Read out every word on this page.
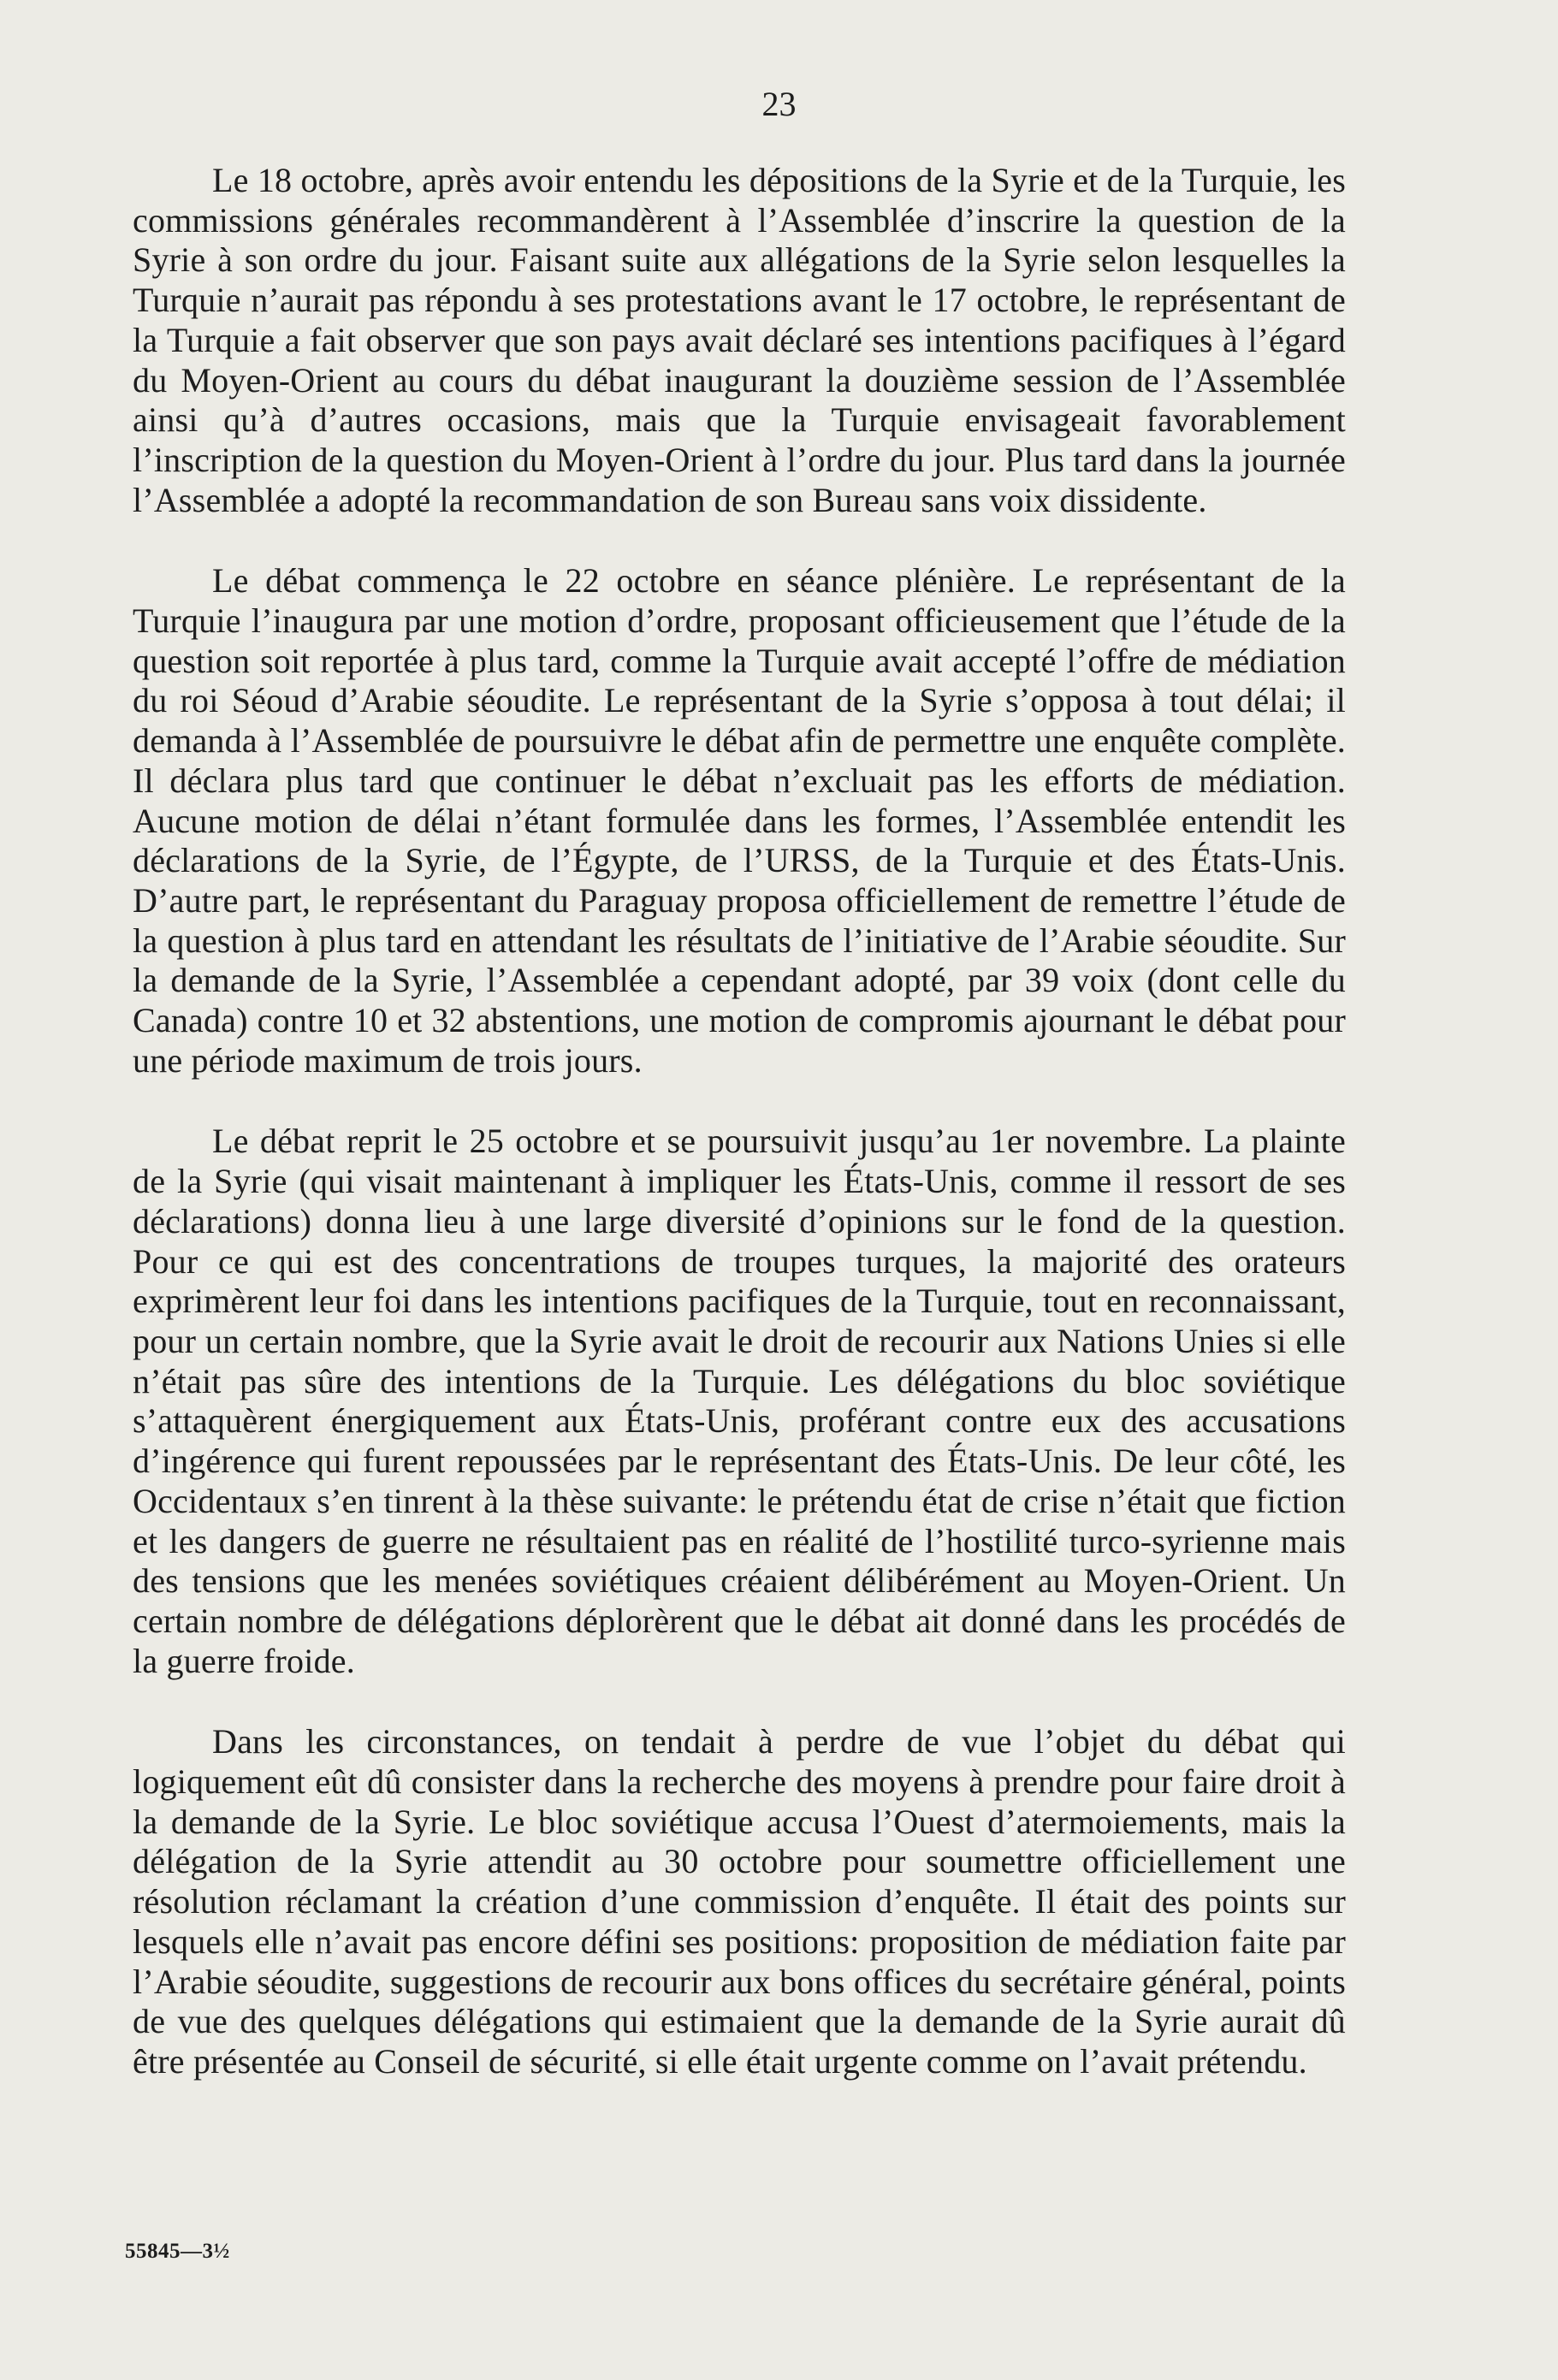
23

Le 18 octobre, après avoir entendu les dépositions de la Syrie et de la Turquie, les commissions générales recommandèrent à l’Assemblée d’inscrire la question de la Syrie à son ordre du jour. Faisant suite aux allégations de la Syrie selon lesquelles la Turquie n’aurait pas répondu à ses protestations avant le 17 octobre, le représentant de la Turquie a fait observer que son pays avait déclaré ses intentions pacifiques à l’égard du Moyen-Orient au cours du débat inaugurant la douzième session de l’Assemblée ainsi qu’à d’autres occasions, mais que la Turquie envisageait favorablement l’inscription de la question du Moyen-Orient à l’ordre du jour. Plus tard dans la journée l’Assemblée a adopté la recommandation de son Bureau sans voix dissidente.

Le débat commença le 22 octobre en séance plénière. Le représentant de la Turquie l’inaugura par une motion d’ordre, proposant officieusement que l’étude de la question soit reportée à plus tard, comme la Turquie avait accepté l’offre de médiation du roi Séoud d’Arabie séoudite. Le représentant de la Syrie s’opposa à tout délai; il demanda à l’Assemblée de poursuivre le débat afin de permettre une enquête complète. Il déclara plus tard que continuer le débat n’excluait pas les efforts de médiation. Aucune motion de délai n’étant formulée dans les formes, l’Assemblée entendit les déclarations de la Syrie, de l’Égypte, de l’URSS, de la Turquie et des États-Unis. D’autre part, le représentant du Paraguay proposa officiellement de remettre l’étude de la question à plus tard en attendant les résultats de l’initiative de l’Arabie séoudite. Sur la demande de la Syrie, l’Assemblée a cependant adopté, par 39 voix (dont celle du Canada) contre 10 et 32 abstentions, une motion de compromis ajournant le débat pour une période maximum de trois jours.

Le débat reprit le 25 octobre et se poursuivit jusqu’au 1er novembre. La plainte de la Syrie (qui visait maintenant à impliquer les États-Unis, comme il ressort de ses déclarations) donna lieu à une large diversité d’opinions sur le fond de la question. Pour ce qui est des concentrations de troupes turques, la majorité des orateurs exprimèrent leur foi dans les intentions pacifiques de la Turquie, tout en reconnaissant, pour un certain nombre, que la Syrie avait le droit de recourir aux Nations Unies si elle n’était pas sûre des intentions de la Turquie. Les délégations du bloc soviétique s’attaquèrent énergiquement aux États-Unis, proférant contre eux des accusations d’ingérence qui furent repoussées par le représentant des États-Unis. De leur côté, les Occidentaux s’en tinrent à la thèse suivante: le prétendu état de crise n’était que fiction et les dangers de guerre ne résultaient pas en réalité de l’hostilité turco-syrienne mais des tensions que les menées soviétiques créaient délibérément au Moyen-Orient. Un certain nombre de délégations déplorèrent que le débat ait donné dans les procédés de la guerre froide.

Dans les circonstances, on tendait à perdre de vue l’objet du débat qui logiquement eût dû consister dans la recherche des moyens à prendre pour faire droit à la demande de la Syrie. Le bloc soviétique accusa l’Ouest d’atermoiements, mais la délégation de la Syrie attendit au 30 octobre pour soumettre officiellement une résolution réclamant la création d’une commission d’enquête. Il était des points sur lesquels elle n’avait pas encore défini ses positions: proposition de médiation faite par l’Arabie séoudite, suggestions de recourir aux bons offices du secrétaire général, points de vue des quelques délégations qui estimaient que la demande de la Syrie aurait dû être présentée au Conseil de sécurité, si elle était urgente comme on l’avait prétendu.

55845—3½
